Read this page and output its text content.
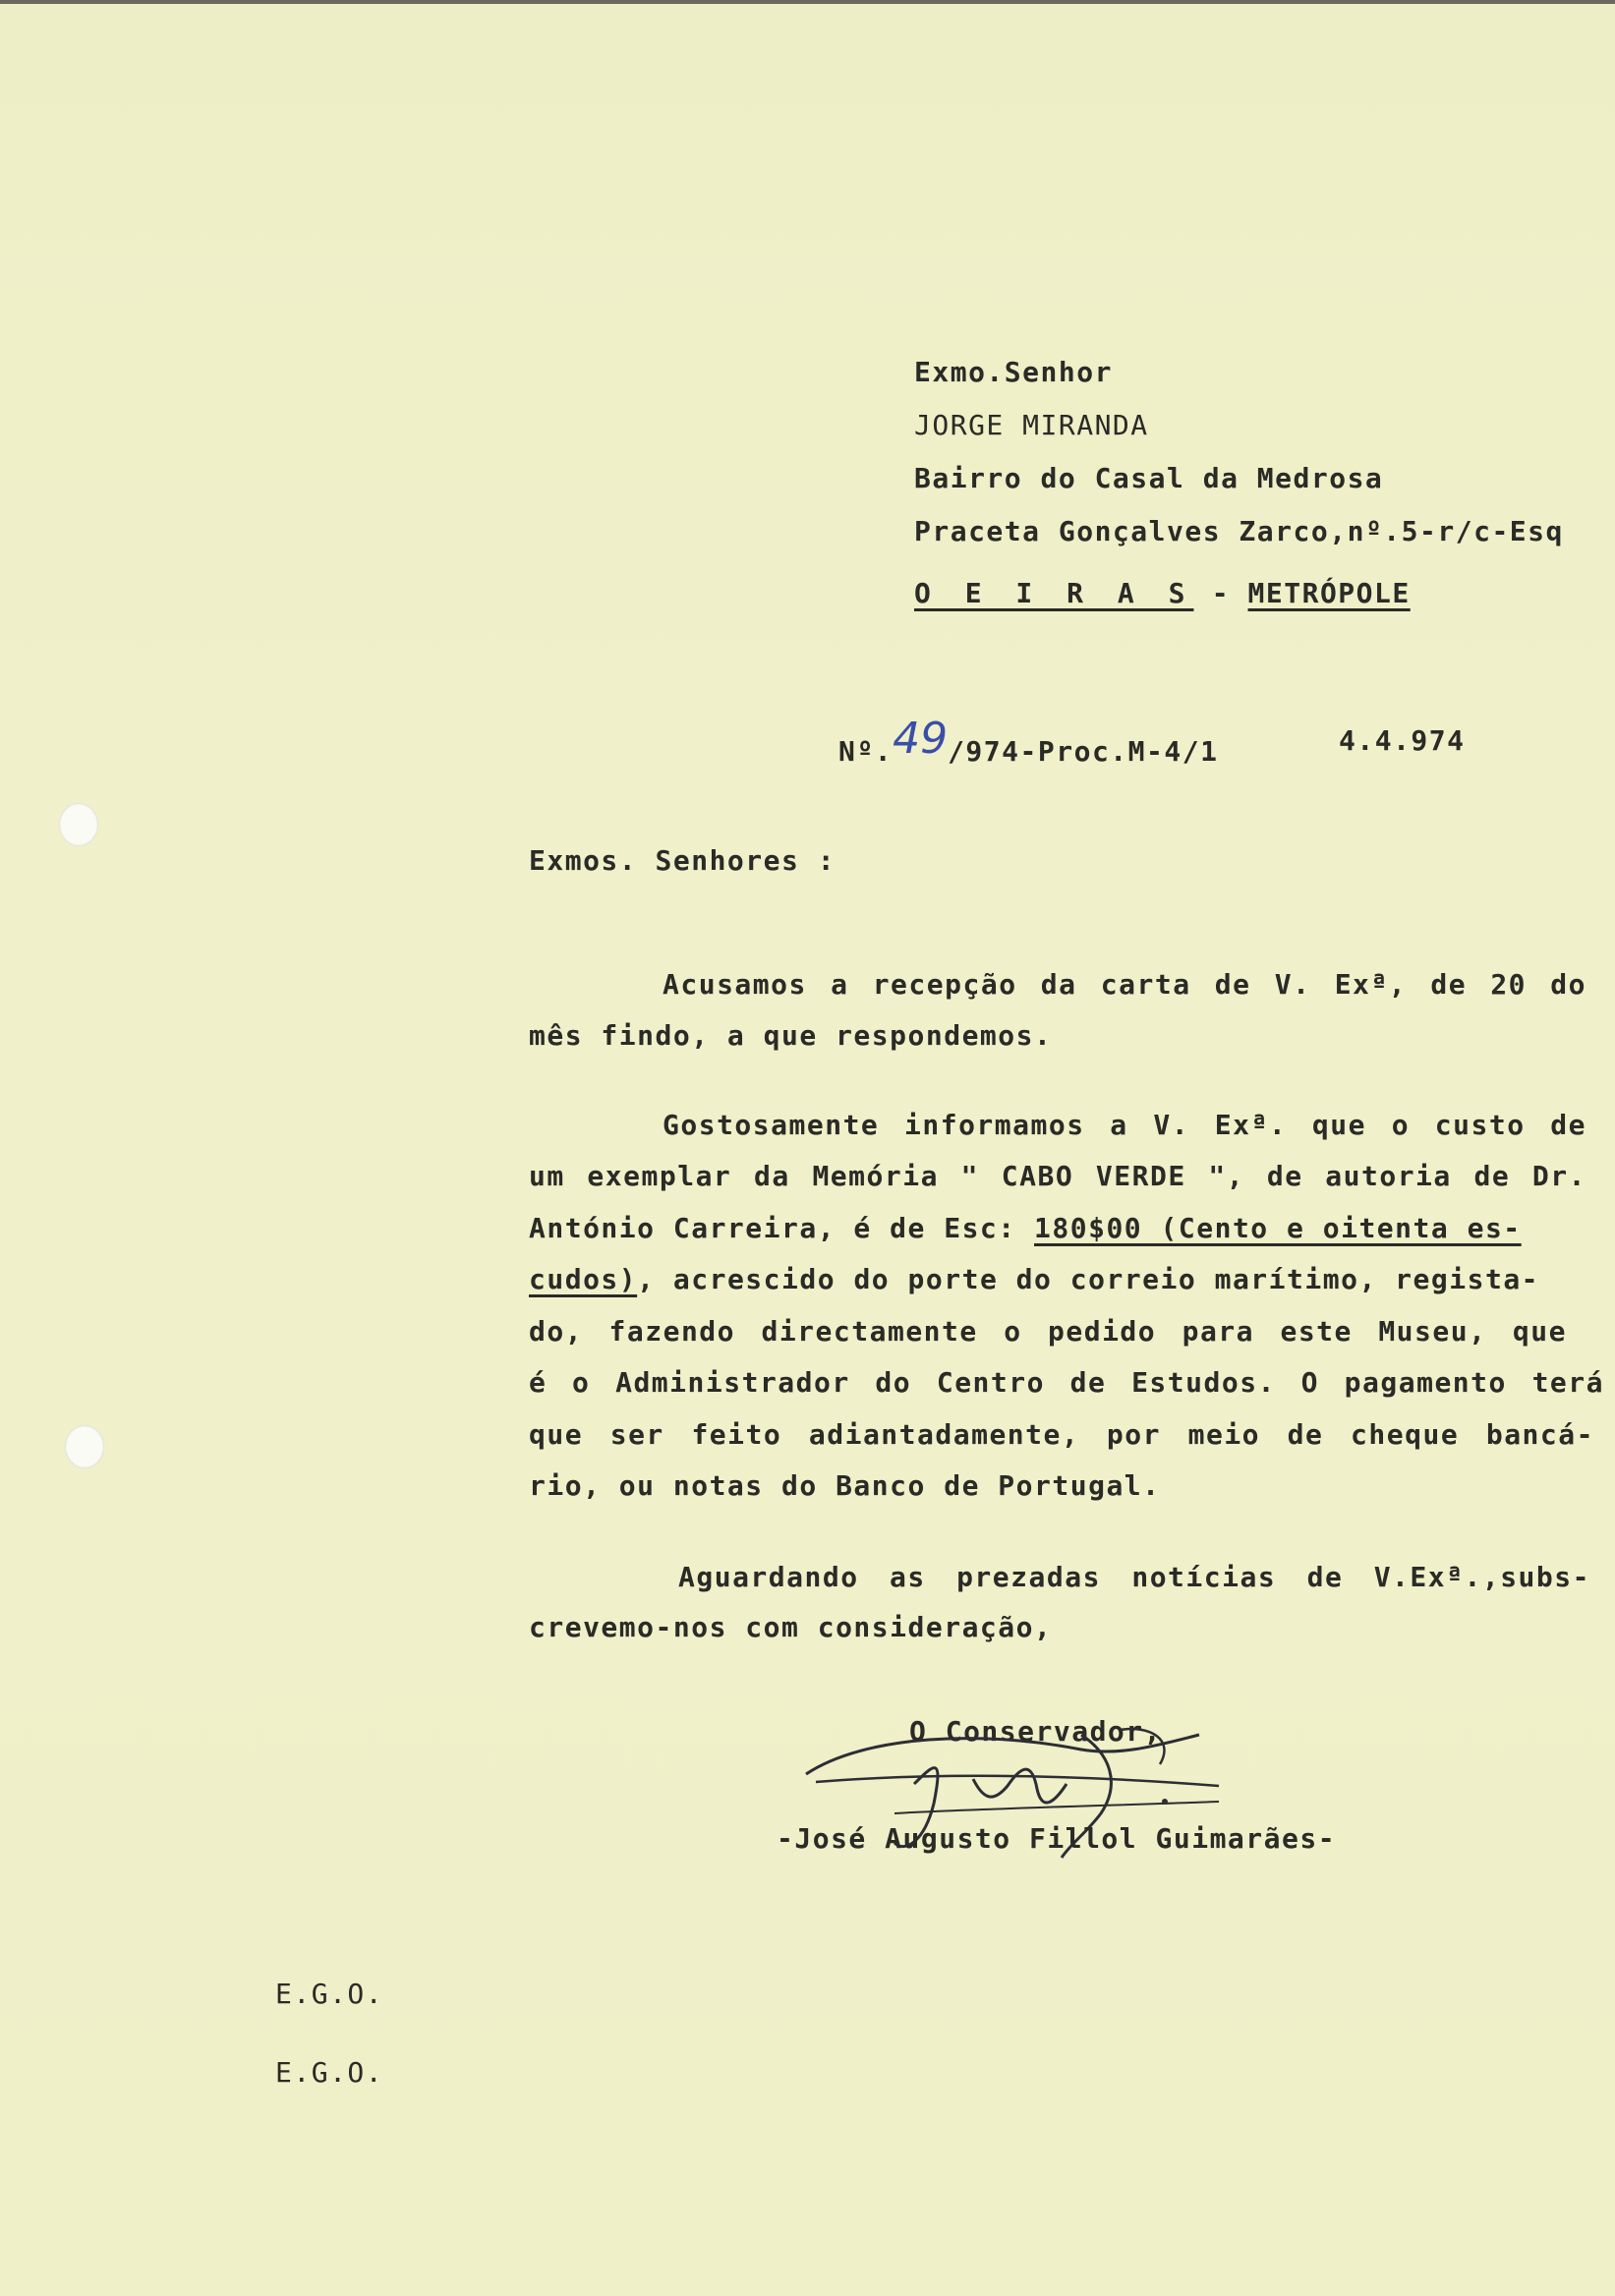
Exmo.Senhor
JORGE MIRANDA
Bairro do Casal da Medrosa
Praceta Gonçalves Zarco,nº.5-r/c-Esq
O E I R A S - METRÓPOLE
Nº.49/974-Proc.M-4/1	4.4.974
Exmos. Senhores :
Acusamos a recepção da carta de V. Exª, de 20 do
mês findo, a que respondemos.
Gostosamente informamos a V. Exª. que o custo de
um exemplar da Memória " CABO VERDE ", de autoria de Dr.
António Carreira, é de Esc: 180$00 (Cento e oitenta es-
cudos), acrescido do porte do correio marítimo, regista-
do, fazendo directamente o pedido para este Museu, que
é o Administrador do Centro de Estudos. O pagamento terá
que ser feito adiantadamente, por meio de cheque bancá-
rio, ou notas do Banco de Portugal.
Aguardando as prezadas notícias de V.Exª.,subs-
crevemo-nos com consideração,
O Conservador,
-José Augusto Fillol Guimarães-
E.G.O.
E.G.O.
